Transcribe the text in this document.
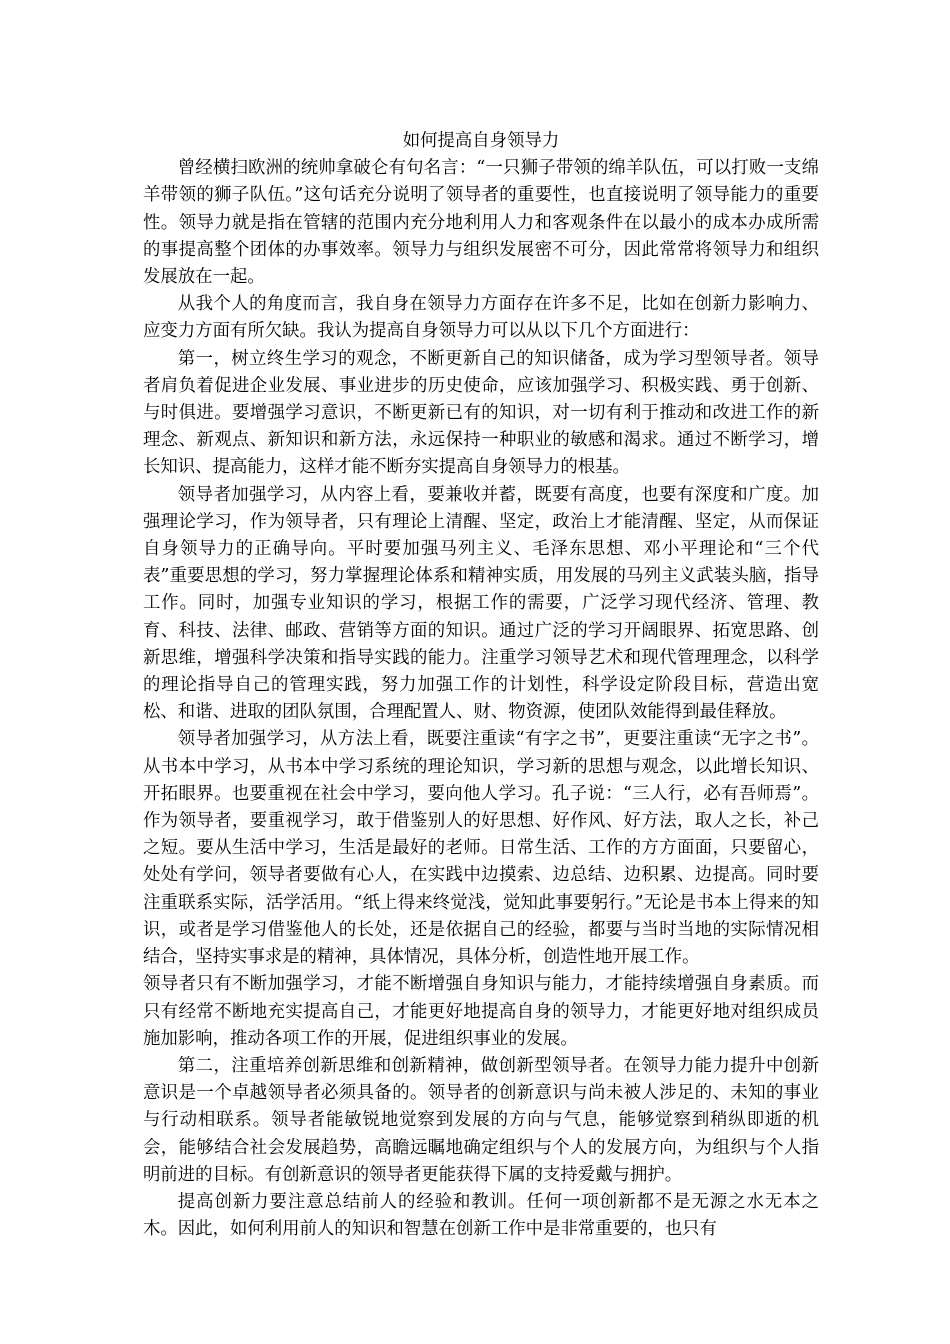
如何提高自身领导力

曾经横扫欧洲的统帅拿破仑有句名言：“一只狮子带领的绵羊队伍，可以打败一支绵羊带领的狮子队伍。”这句话充分说明了领导者的重要性，也直接说明了领导能力的重要性。领导力就是指在管辖的范围内充分地利用人力和客观条件在以最小的成本办成所需的事提高整个团体的办事效率。领导力与组织发展密不可分，因此常常将领导力和组织发展放在一起。

从我个人的角度而言，我自身在领导力方面存在许多不足，比如在创新力影响力、应变力方面有所欠缺。我认为提高自身领导力可以从以下几个方面进行：

第一，树立终生学习的观念，不断更新自己的知识储备，成为学习型领导者。领导者肩负着促进企业发展、事业进步的历史使命，应该加强学习、积极实践、勇于创新、与时俱进。要增强学习意识，不断更新已有的知识，对一切有利于推动和改进工作的新理念、新观点、新知识和新方法，永远保持一种职业的敏感和渴求。通过不断学习，增长知识、提高能力，这样才能不断夯实提高自身领导力的根基。

领导者加强学习，从内容上看，要兼收并蓄，既要有高度，也要有深度和广度。加强理论学习，作为领导者，只有理论上清醒、坚定，政治上才能清醒、坚定，从而保证自身领导力的正确导向。平时要加强马列主义、毛泽东思想、邓小平理论和“三个代表”重要思想的学习，努力掌握理论体系和精神实质，用发展的马列主义武装头脑，指导工作。同时，加强专业知识的学习，根据工作的需要，广泛学习现代经济、管理、教育、科技、法律、邮政、营销等方面的知识。通过广泛的学习开阔眼界、拓宽思路、创新思维，增强科学决策和指导实践的能力。注重学习领导艺术和现代管理理念，以科学的理论指导自己的管理实践，努力加强工作的计划性，科学设定阶段目标，营造出宽松、和谐、进取的团队氛围，合理配置人、财、物资源，使团队效能得到最佳释放。

领导者加强学习，从方法上看，既要注重读“有字之书”，更要注重读“无字之书”。从书本中学习，从书本中学习系统的理论知识，学习新的思想与观念，以此增长知识、开拓眼界。也要重视在社会中学习，要向他人学习。孔子说：“三人行，必有吾师焉”。作为领导者，要重视学习，敢于借鉴别人的好思想、好作风、好方法，取人之长，补己之短。要从生活中学习，生活是最好的老师。日常生活、工作的方方面面，只要留心，处处有学问，领导者要做有心人，在实践中边摸索、边总结、边积累、边提高。同时要注重联系实际，活学活用。“纸上得来终觉浅，觉知此事要躬行。”无论是书本上得来的知识，或者是学习借鉴他人的长处，还是依据自己的经验，都要与当时当地的实际情况相结合，坚持实事求是的精神，具体情况，具体分析，创造性地开展工作。

领导者只有不断加强学习，才能不断增强自身知识与能力，才能持续增强自身素质。而只有经常不断地充实提高自己，才能更好地提高自身的领导力，才能更好地对组织成员施加影响，推动各项工作的开展，促进组织事业的发展。

第二，注重培养创新思维和创新精神，做创新型领导者。在领导力能力提升中创新意识是一个卓越领导者必须具备的。领导者的创新意识与尚未被人涉足的、未知的事业与行动相联系。领导者能敏锐地觉察到发展的方向与气息，能够觉察到稍纵即逝的机会，能够结合社会发展趋势，高瞻远瞩地确定组织与个人的发展方向，为组织与个人指明前进的目标。有创新意识的领导者更能获得下属的支持爱戴与拥护。

提高创新力要注意总结前人的经验和教训。任何一项创新都不是无源之水无本之木。因此，如何利用前人的知识和智慧在创新工作中是非常重要的，也只有
